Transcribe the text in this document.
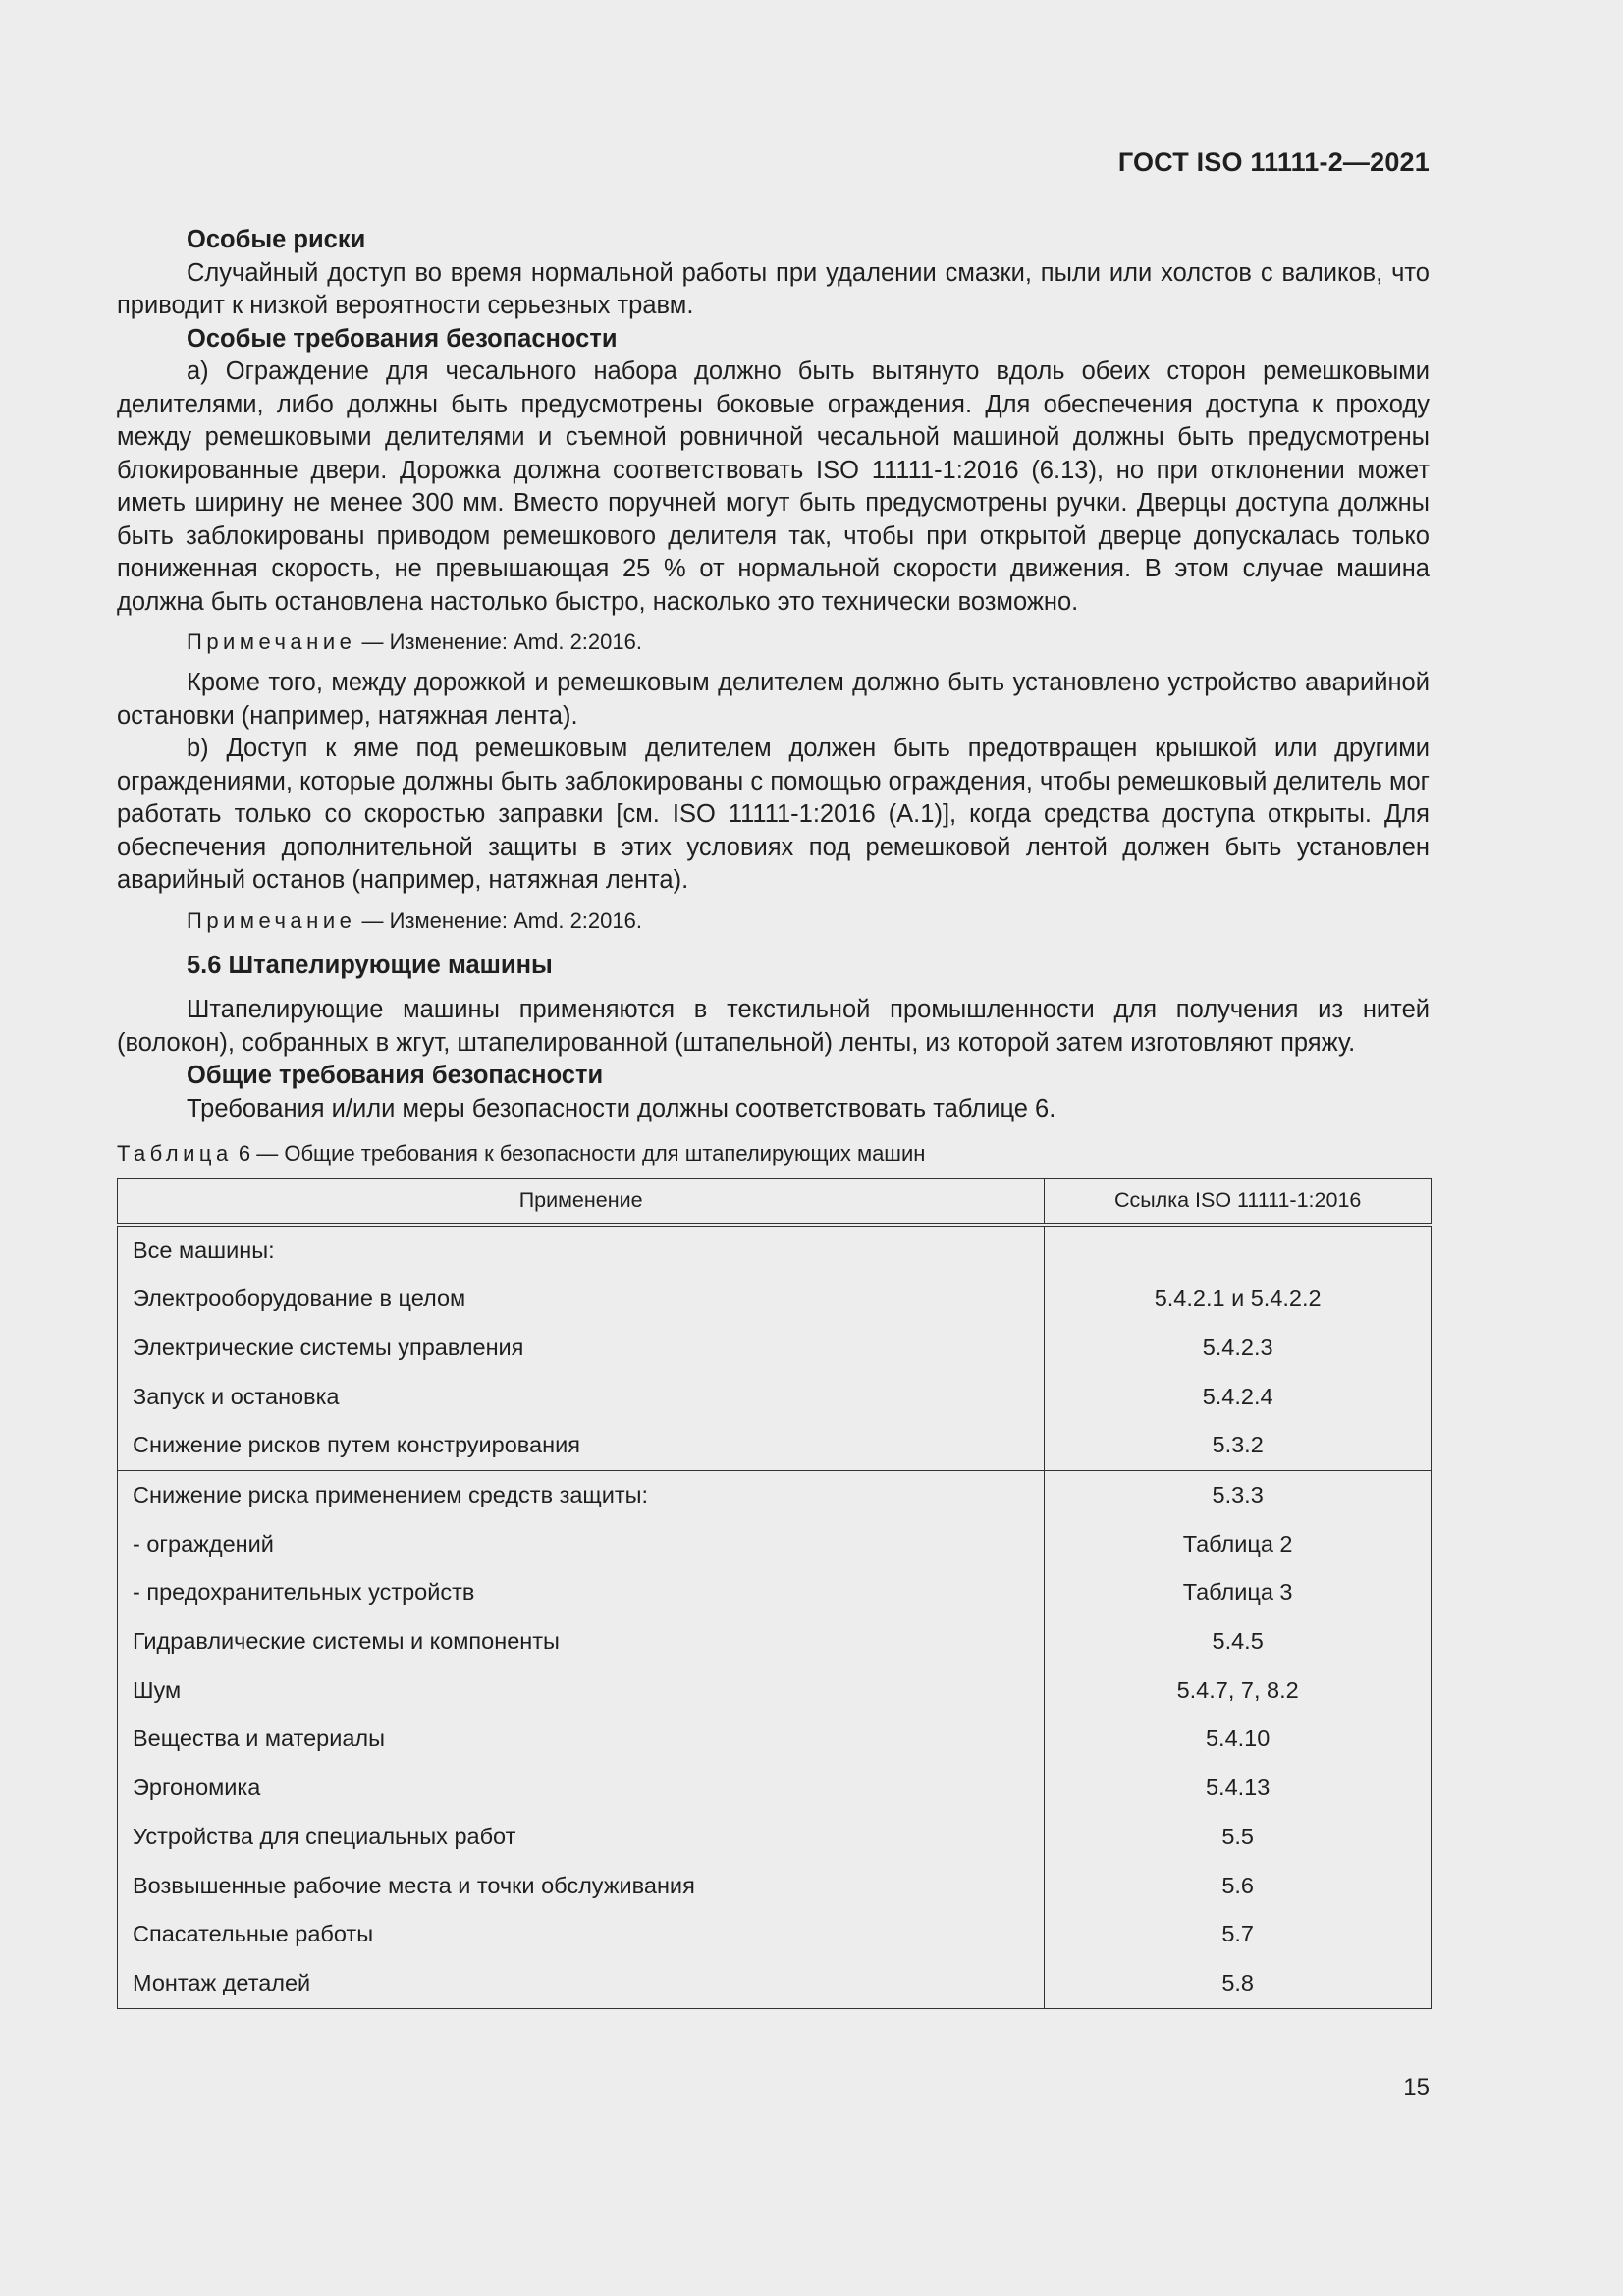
ГОСТ ISO 11111-2—2021

Особые риски

Случайный доступ во время нормальной работы при удалении смазки, пыли или холстов с валиков, что приводит к низкой вероятности серьезных травм.

Особые требования безопасности

a) Ограждение для чесального набора должно быть вытянуто вдоль обеих сторон ремешковыми делителями, либо должны быть предусмотрены боковые ограждения. Для обеспечения доступа к проходу между ремешковыми делителями и съемной ровничной чесальной машиной должны быть предусмотрены блокированные двери. Дорожка должна соответствовать ISO 11111-1:2016 (6.13), но при отклонении может иметь ширину не менее 300 мм. Вместо поручней могут быть предусмотрены ручки. Дверцы доступа должны быть заблокированы приводом ремешкового делителя так, чтобы при открытой дверце допускалась только пониженная скорость, не превышающая 25 % от нормальной скорости движения. В этом случае машина должна быть остановлена настолько быстро, насколько это технически возможно.

Примечание — Изменение: Amd. 2:2016.

Кроме того, между дорожкой и ремешковым делителем должно быть установлено устройство аварийной остановки (например, натяжная лента).

b) Доступ к яме под ремешковым делителем должен быть предотвращен крышкой или другими ограждениями, которые должны быть заблокированы с помощью ограждения, чтобы ремешковый делитель мог работать только со скоростью заправки [см. ISO 11111-1:2016 (А.1)], когда средства доступа открыты. Для обеспечения дополнительной защиты в этих условиях под ремешковой лентой должен быть установлен аварийный останов (например, натяжная лента).

Примечание — Изменение: Amd. 2:2016.

5.6 Штапелирующие машины

Штапелирующие машины применяются в текстильной промышленности для получения из нитей (волокон), собранных в жгут, штапелированной (штапельной) ленты, из которой затем изготовляют пряжу.

Общие требования безопасности

Требования и/или меры безопасности должны соответствовать таблице 6.

Таблица 6 — Общие требования к безопасности для штапелирующих машин
Применение	Ссылка ISO 11111-1:2016
Все машины:	
Электрооборудование в целом	5.4.2.1 и 5.4.2.2
Электрические системы управления	5.4.2.3
Запуск и остановка	5.4.2.4
Снижение рисков путем конструирования	5.3.2
Снижение риска применением средств защиты:	5.3.3
- ограждений	Таблица 2
- предохранительных устройств	Таблица 3
Гидравлические системы и компоненты	5.4.5
Шум	5.4.7, 7, 8.2
Вещества и материалы	5.4.10
Эргономика	5.4.13
Устройства для специальных работ	5.5
Возвышенные рабочие места и точки обслуживания	5.6
Спасательные работы	5.7
Монтаж деталей	5.8
15
